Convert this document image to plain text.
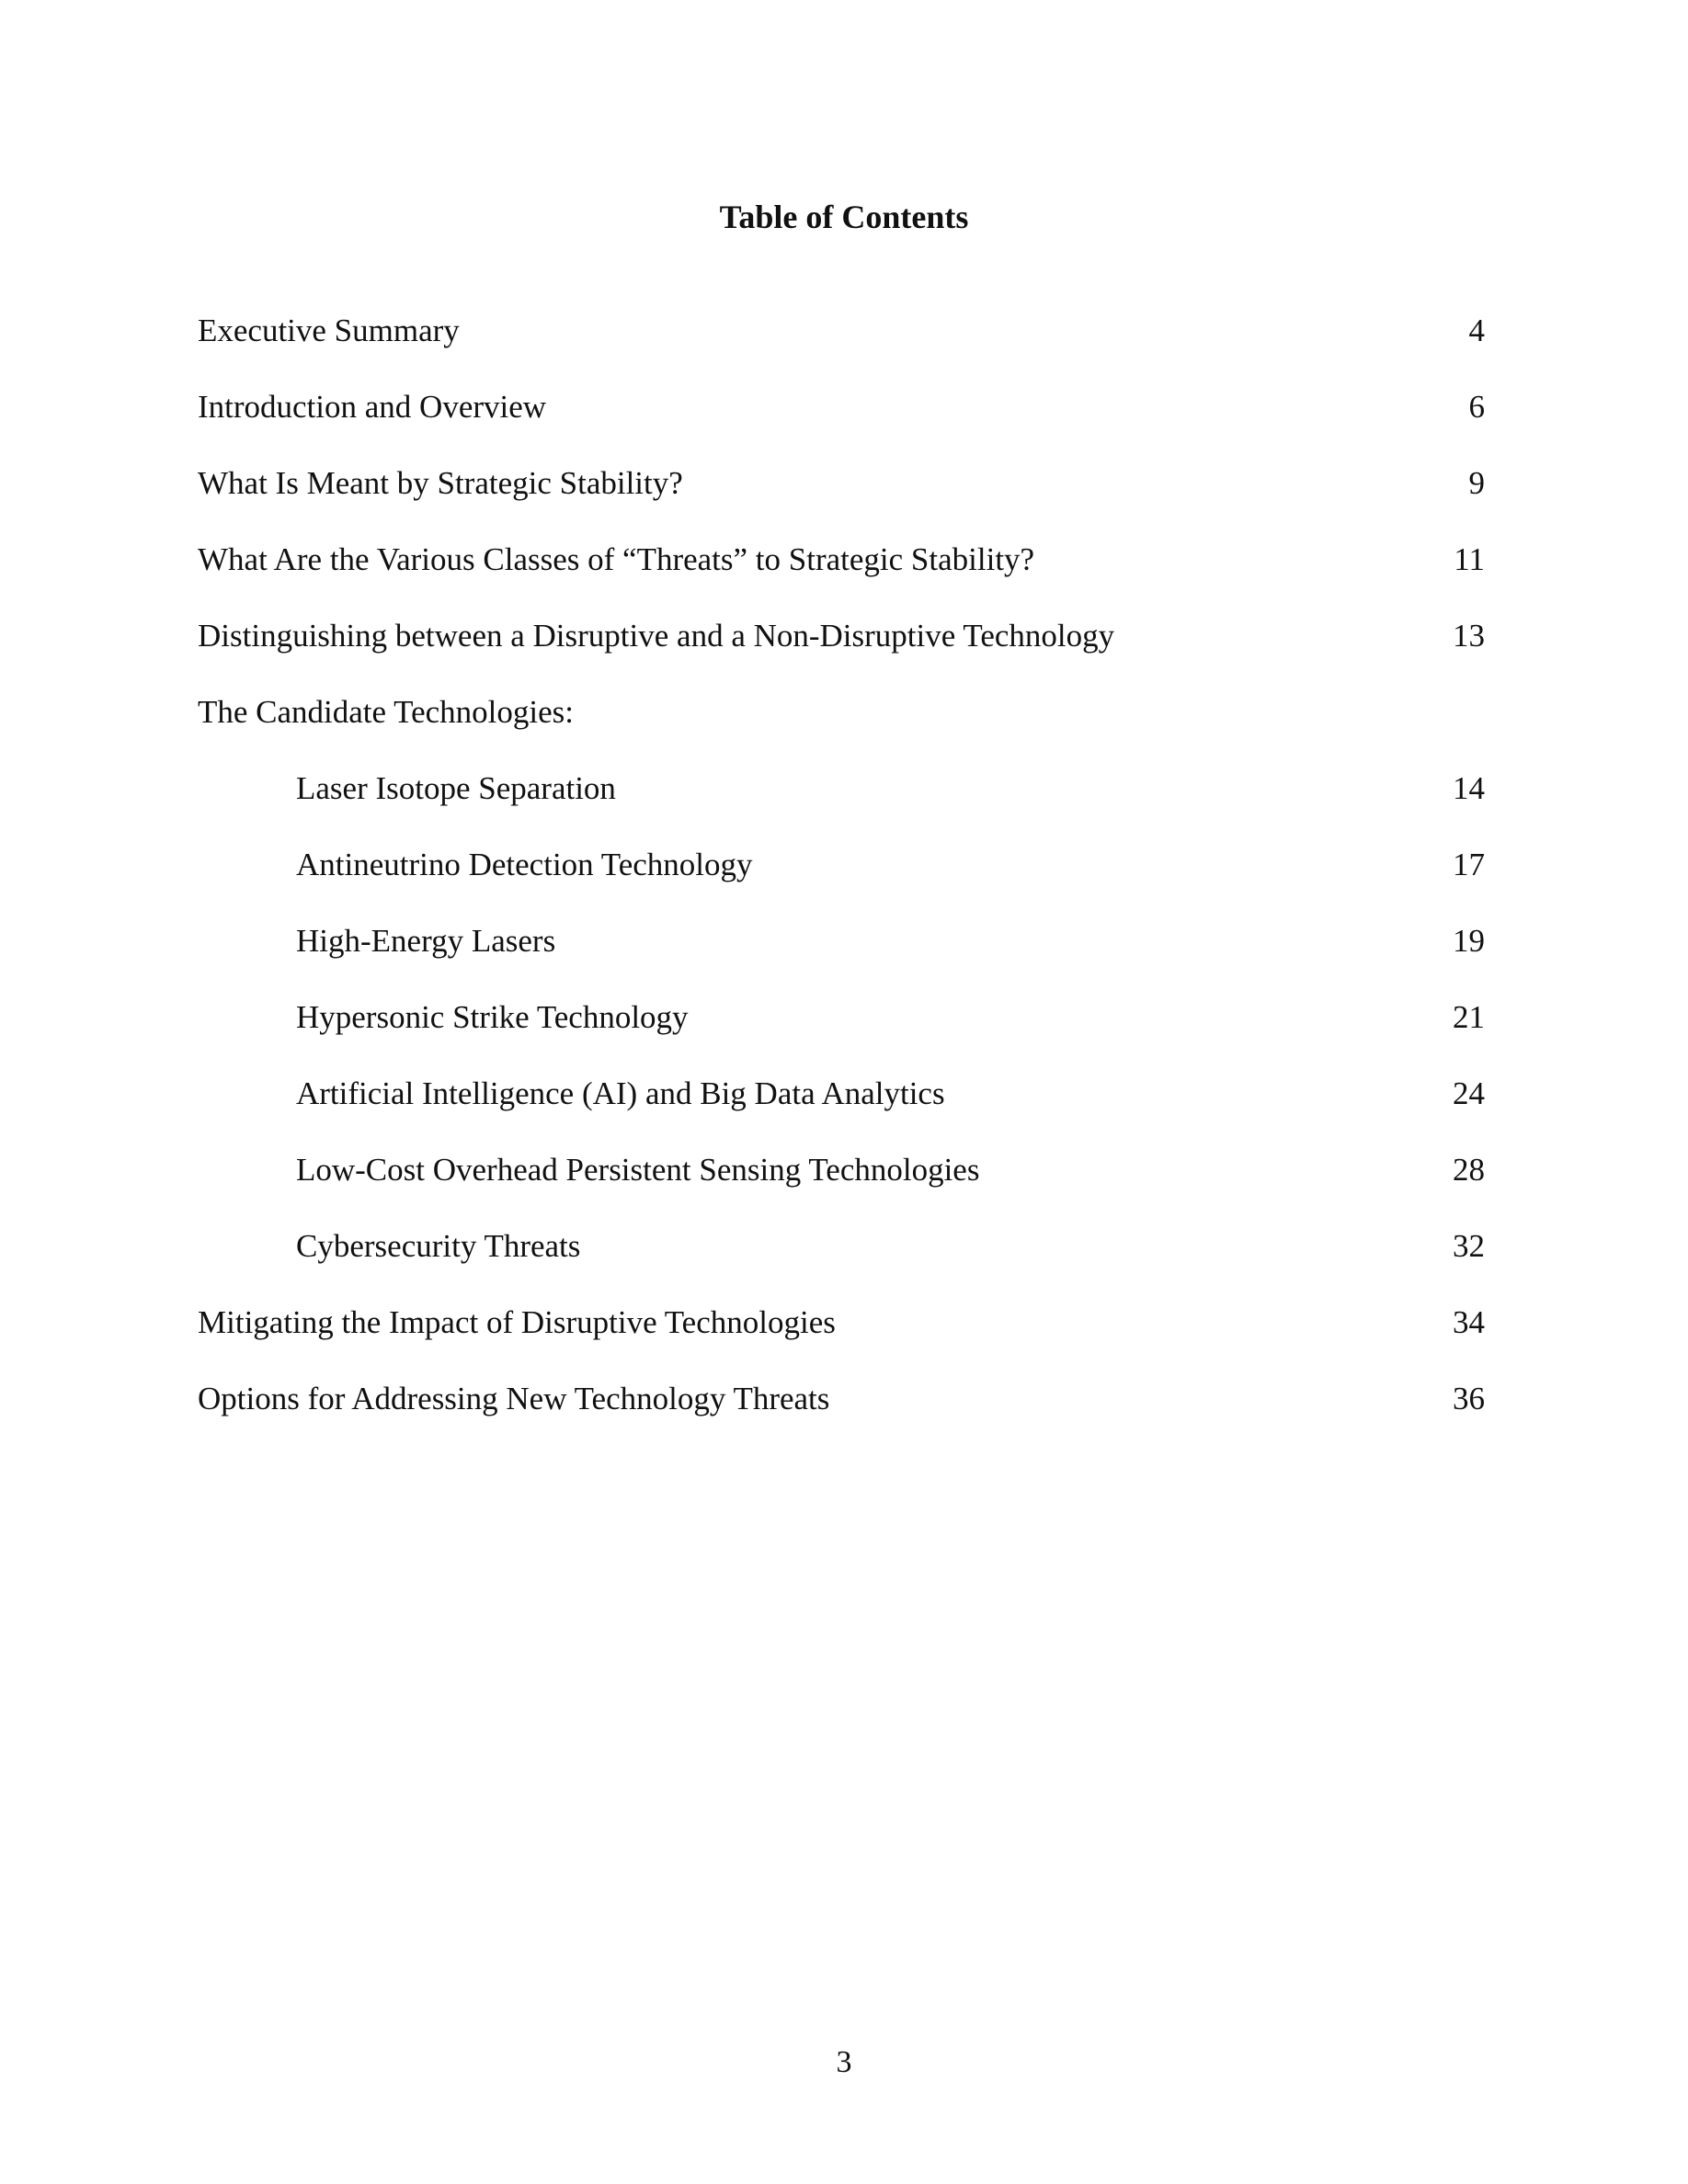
Table of Contents
Executive Summary	4
Introduction and Overview	6
What Is Meant by Strategic Stability?	9
What Are the Various Classes of “Threats” to Strategic Stability?	11
Distinguishing between a Disruptive and a Non-Disruptive Technology	13
The Candidate Technologies:
Laser Isotope Separation	14
Antineutrino Detection Technology	17
High-Energy Lasers	19
Hypersonic Strike Technology	21
Artificial Intelligence (AI) and Big Data Analytics	24
Low-Cost Overhead Persistent Sensing Technologies	28
Cybersecurity Threats	32
Mitigating the Impact of Disruptive Technologies	34
Options for Addressing New Technology Threats	36
3
